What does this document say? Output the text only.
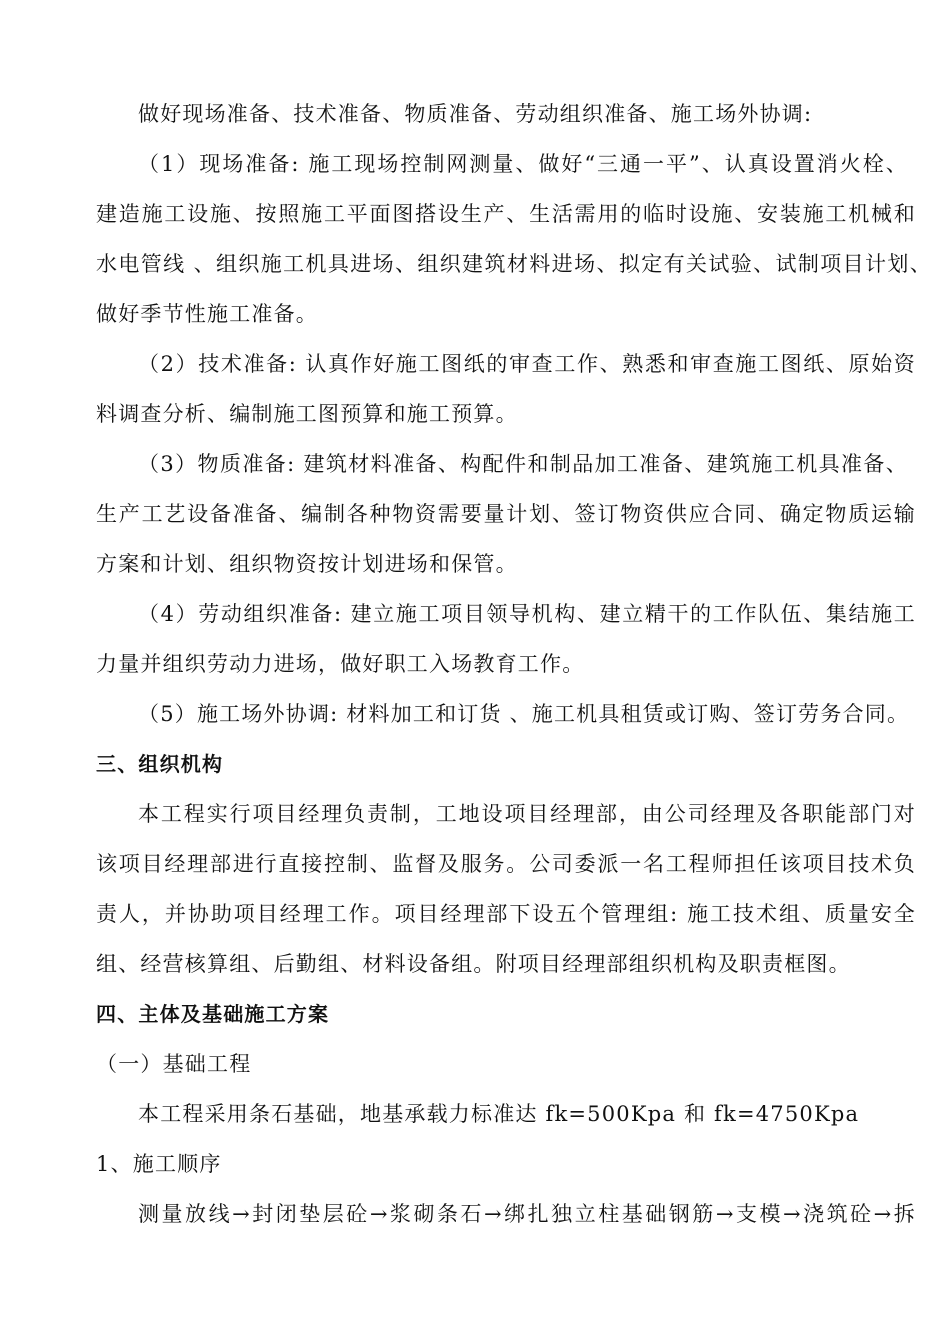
做好现场准备、技术准备、物质准备、劳动组织准备、施工场外协调:
（1）现场准备: 施工现场控制网测量、做好“三通一平”、认真设置消火栓、
建造施工设施、按照施工平面图搭设生产、生活需用的临时设施、安装施工机械和
水电管线 、组织施工机具进场、组织建筑材料进场、拟定有关试验、试制项目计划、
做好季节性施工准备。
（2）技术准备: 认真作好施工图纸的审查工作、熟悉和审查施工图纸、原始资
料调查分析、编制施工图预算和施工预算。
（3）物质准备: 建筑材料准备、构配件和制品加工准备、建筑施工机具准备、
生产工艺设备准备、编制各种物资需要量计划、签订物资供应合同、确定物质运输
方案和计划、组织物资按计划进场和保管。
（4）劳动组织准备: 建立施工项目领导机构、建立精干的工作队伍、集结施工
力量并组织劳动力进场，做好职工入场教育工作。
（5）施工场外协调: 材料加工和订货 、施工机具租赁或订购、签订劳务合同。
三、组织机构
本工程实行项目经理负责制，工地设项目经理部，由公司经理及各职能部门对
该项目经理部进行直接控制、监督及服务。公司委派一名工程师担任该项目技术负
责人，并协助项目经理工作。项目经理部下设五个管理组: 施工技术组、质量安全
组、经营核算组、后勤组、材料设备组。附项目经理部组织机构及职责框图。
四、主体及基础施工方案
（一）基础工程
本工程采用条石基础，地基承载力标准达 fk=500Kpa 和 fk=4750Kpa
1、施工顺序
测量放线→封闭垫层砼→浆砌条石→绑扎独立柱基础钢筋→支模→浇筑砼→拆
